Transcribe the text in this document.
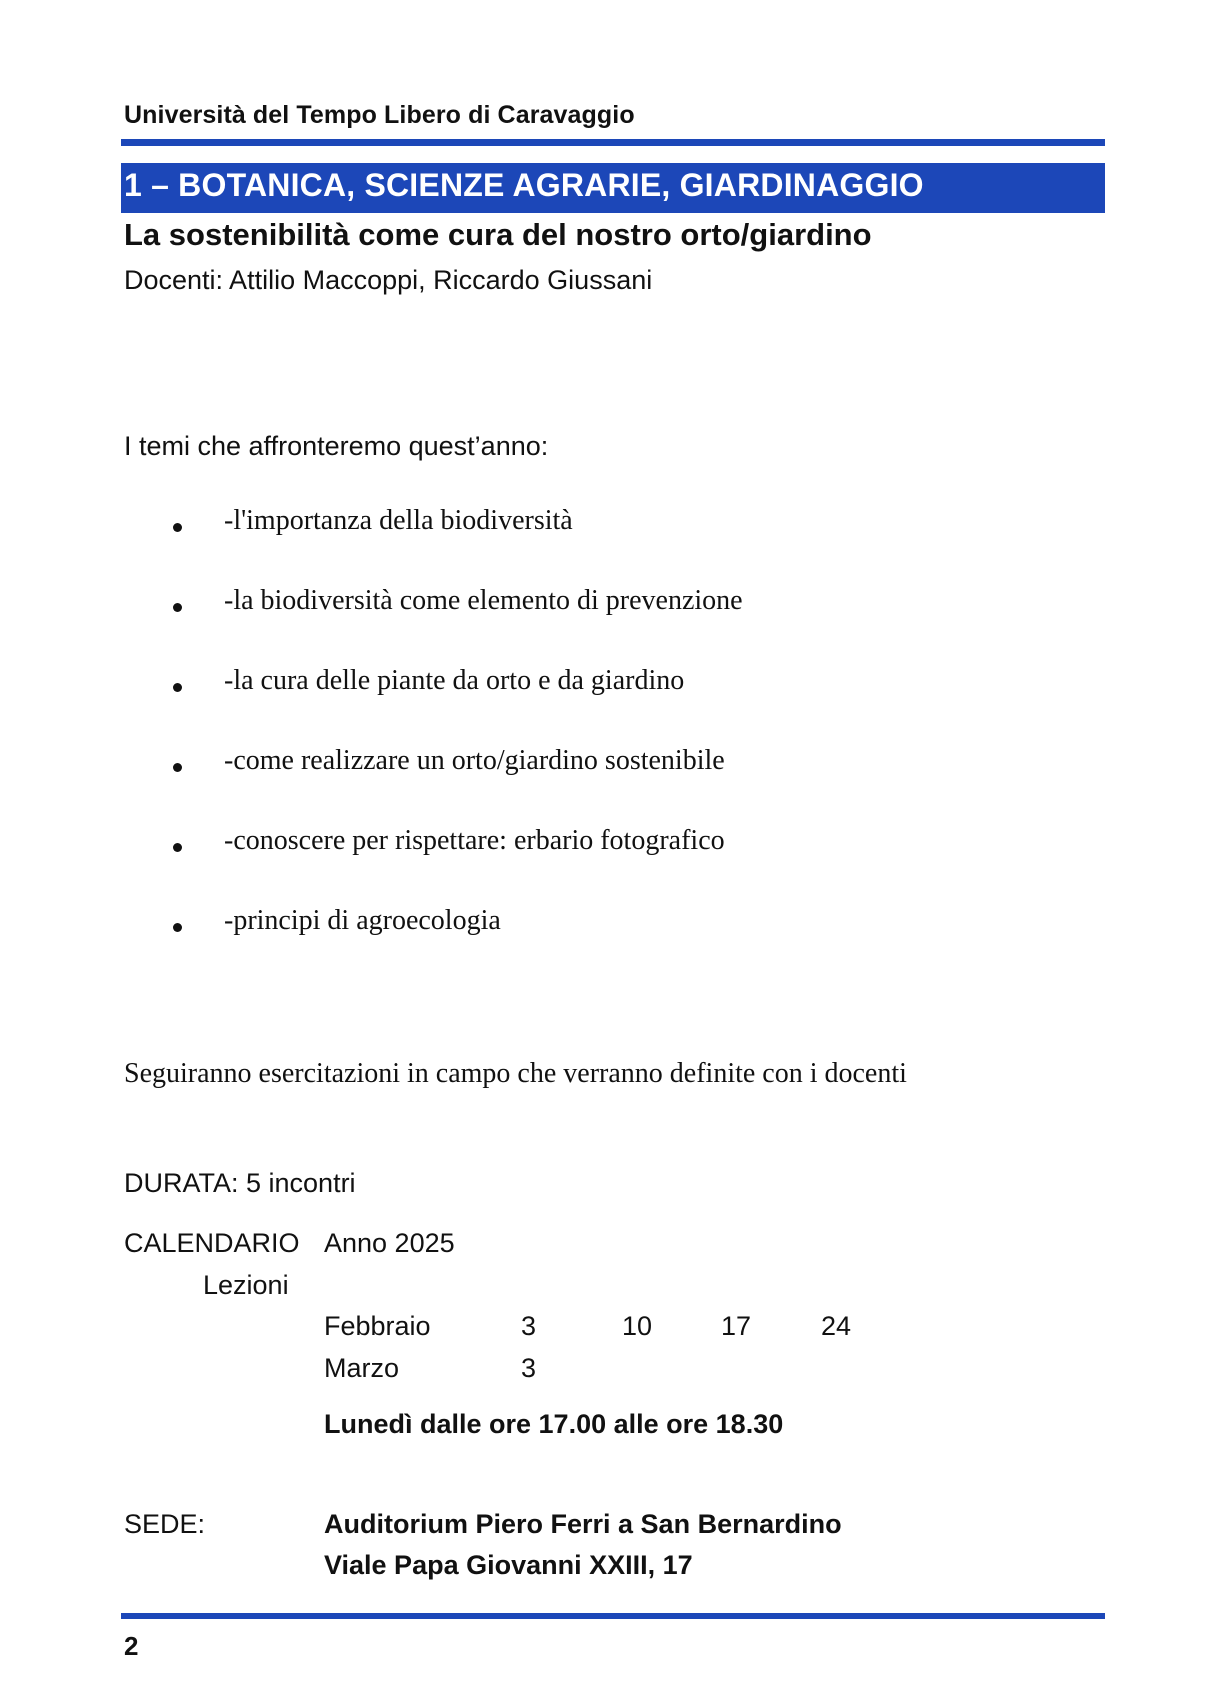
Università del Tempo Libero di Caravaggio
1 – BOTANICA, SCIENZE AGRARIE, GIARDINAGGIO
La sostenibilità come cura del nostro orto/giardino
Docenti: Attilio Maccoppi, Riccardo Giussani
I temi che affronteremo quest’anno:
-l'importanza della biodiversità
-la biodiversità come elemento di prevenzione
-la cura delle piante da orto e da giardino
-come realizzare un orto/giardino sostenibile
-conoscere per rispettare: erbario fotografico
-principi di agroecologia
Seguiranno esercitazioni in campo che verranno definite con i docenti
DURATA: 5 incontri
CALENDARIO Anno 2025
Lezioni
Febbraio	3	10	17	24
Marzo	3
Lunedì dalle ore 17.00 alle ore 18.30
SEDE:	Auditorium Piero Ferri a San Bernardino
Viale Papa Giovanni XXIII, 17
2
